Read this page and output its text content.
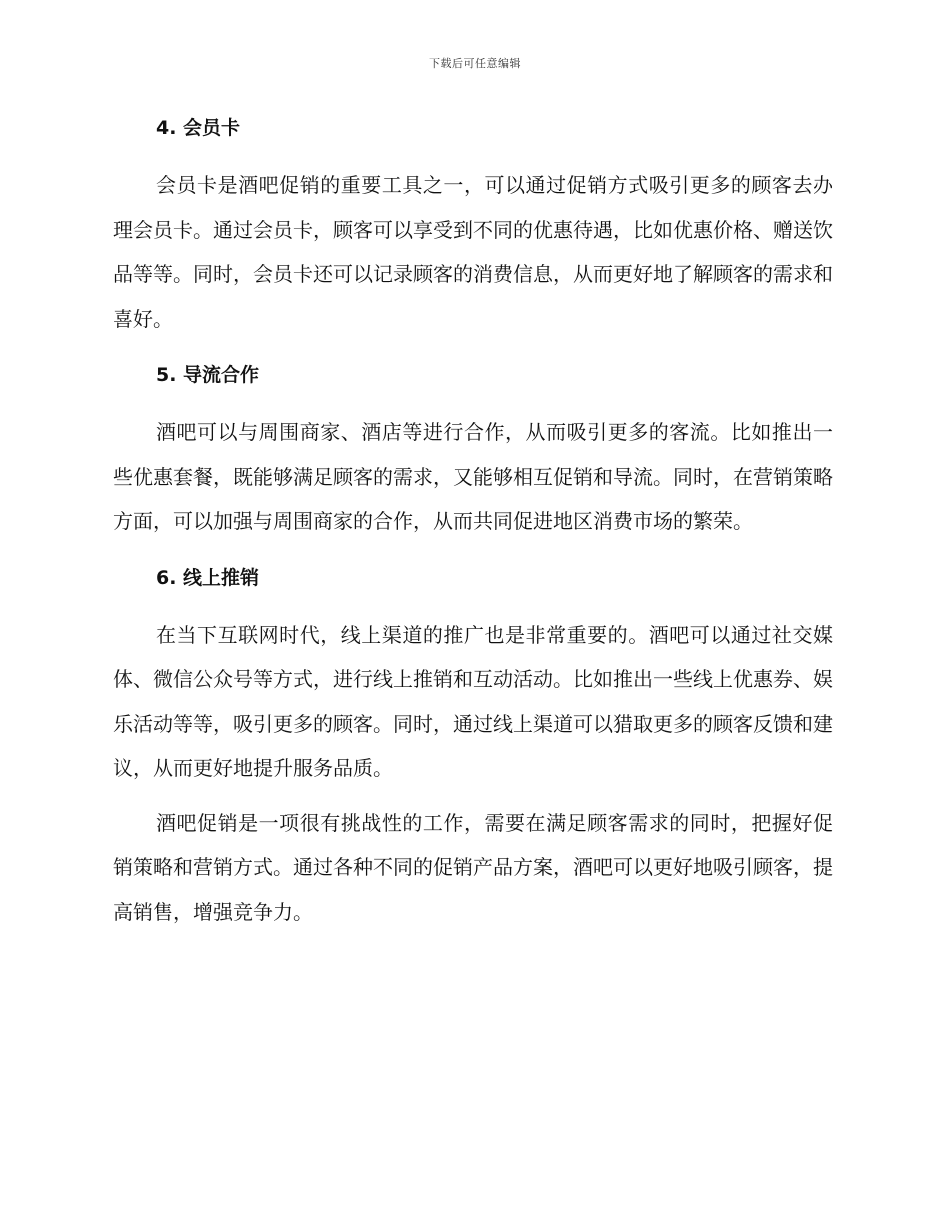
下载后可任意编辑
4. 会员卡

会员卡是酒吧促销的重要工具之一，可以通过促销方式吸引更多的顾客去办理会员卡。通过会员卡，顾客可以享受到不同的优惠待遇，比如优惠价格、赠送饮品等等。同时，会员卡还可以记录顾客的消费信息，从而更好地了解顾客的需求和喜好。

5. 导流合作

酒吧可以与周围商家、酒店等进行合作，从而吸引更多的客流。比如推出一些优惠套餐，既能够满足顾客的需求，又能够相互促销和导流。同时，在营销策略方面，可以加强与周围商家的合作，从而共同促进地区消费市场的繁荣。

6. 线上推销

在当下互联网时代，线上渠道的推广也是非常重要的。酒吧可以通过社交媒体、微信公众号等方式，进行线上推销和互动活动。比如推出一些线上优惠券、娱乐活动等等，吸引更多的顾客。同时，通过线上渠道可以猎取更多的顾客反馈和建议，从而更好地提升服务品质。

酒吧促销是一项很有挑战性的工作，需要在满足顾客需求的同时，把握好促销策略和营销方式。通过各种不同的促销产品方案，酒吧可以更好地吸引顾客，提高销售，增强竞争力。
